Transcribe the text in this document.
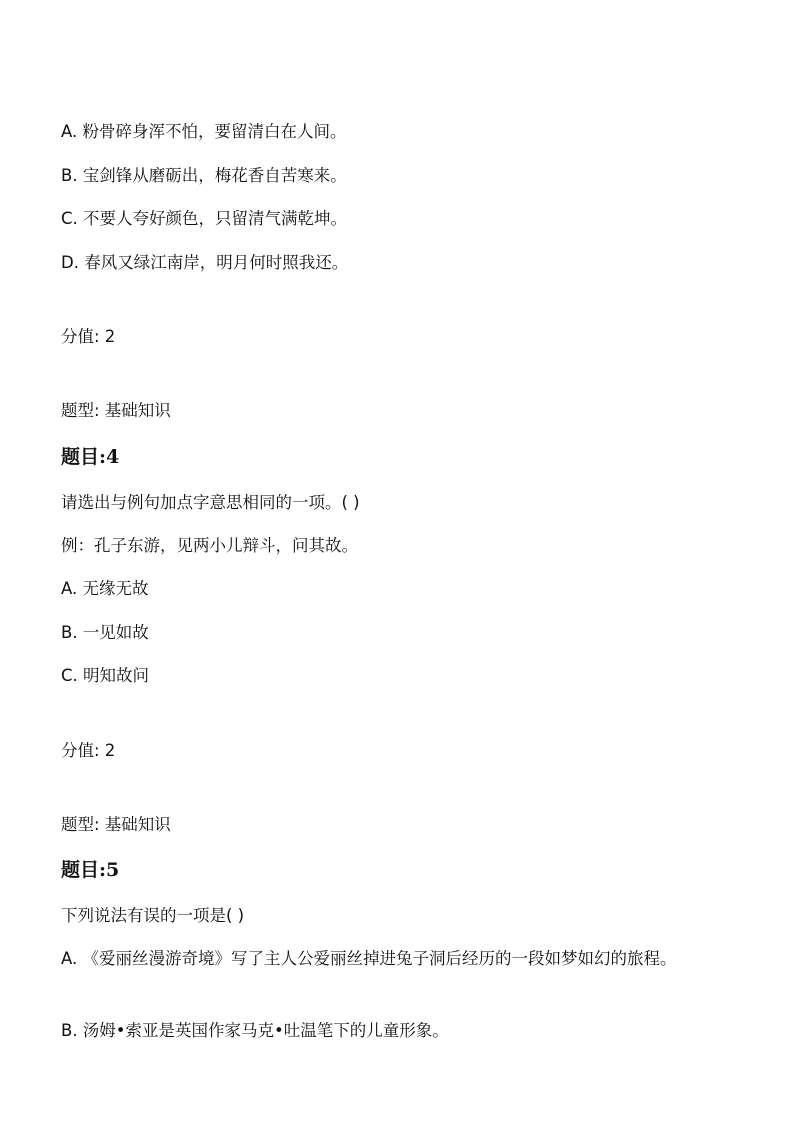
A. 粉骨碎身浑不怕，要留清白在人间。
B. 宝剑锋从磨砺出，梅花香自苦寒来。
C. 不要人夸好颜色，只留清气满乾坤。
D. 春风又绿江南岸，明月何时照我还。
分值: 2
题型: 基础知识
题目:4
请选出与例句加点字意思相同的一项。( )
例：孔子东游，见两小儿辩斗，问其故。
A. 无缘无故
B. 一见如故
C. 明知故问
分值: 2
题型: 基础知识
题目:5
下列说法有误的一项是( )
A. 《爱丽丝漫游奇境》写了主人公爱丽丝掉进兔子洞后经历的一段如梦如幻的旅程。
B. 汤姆•索亚是英国作家马克•吐温笔下的儿童形象。
